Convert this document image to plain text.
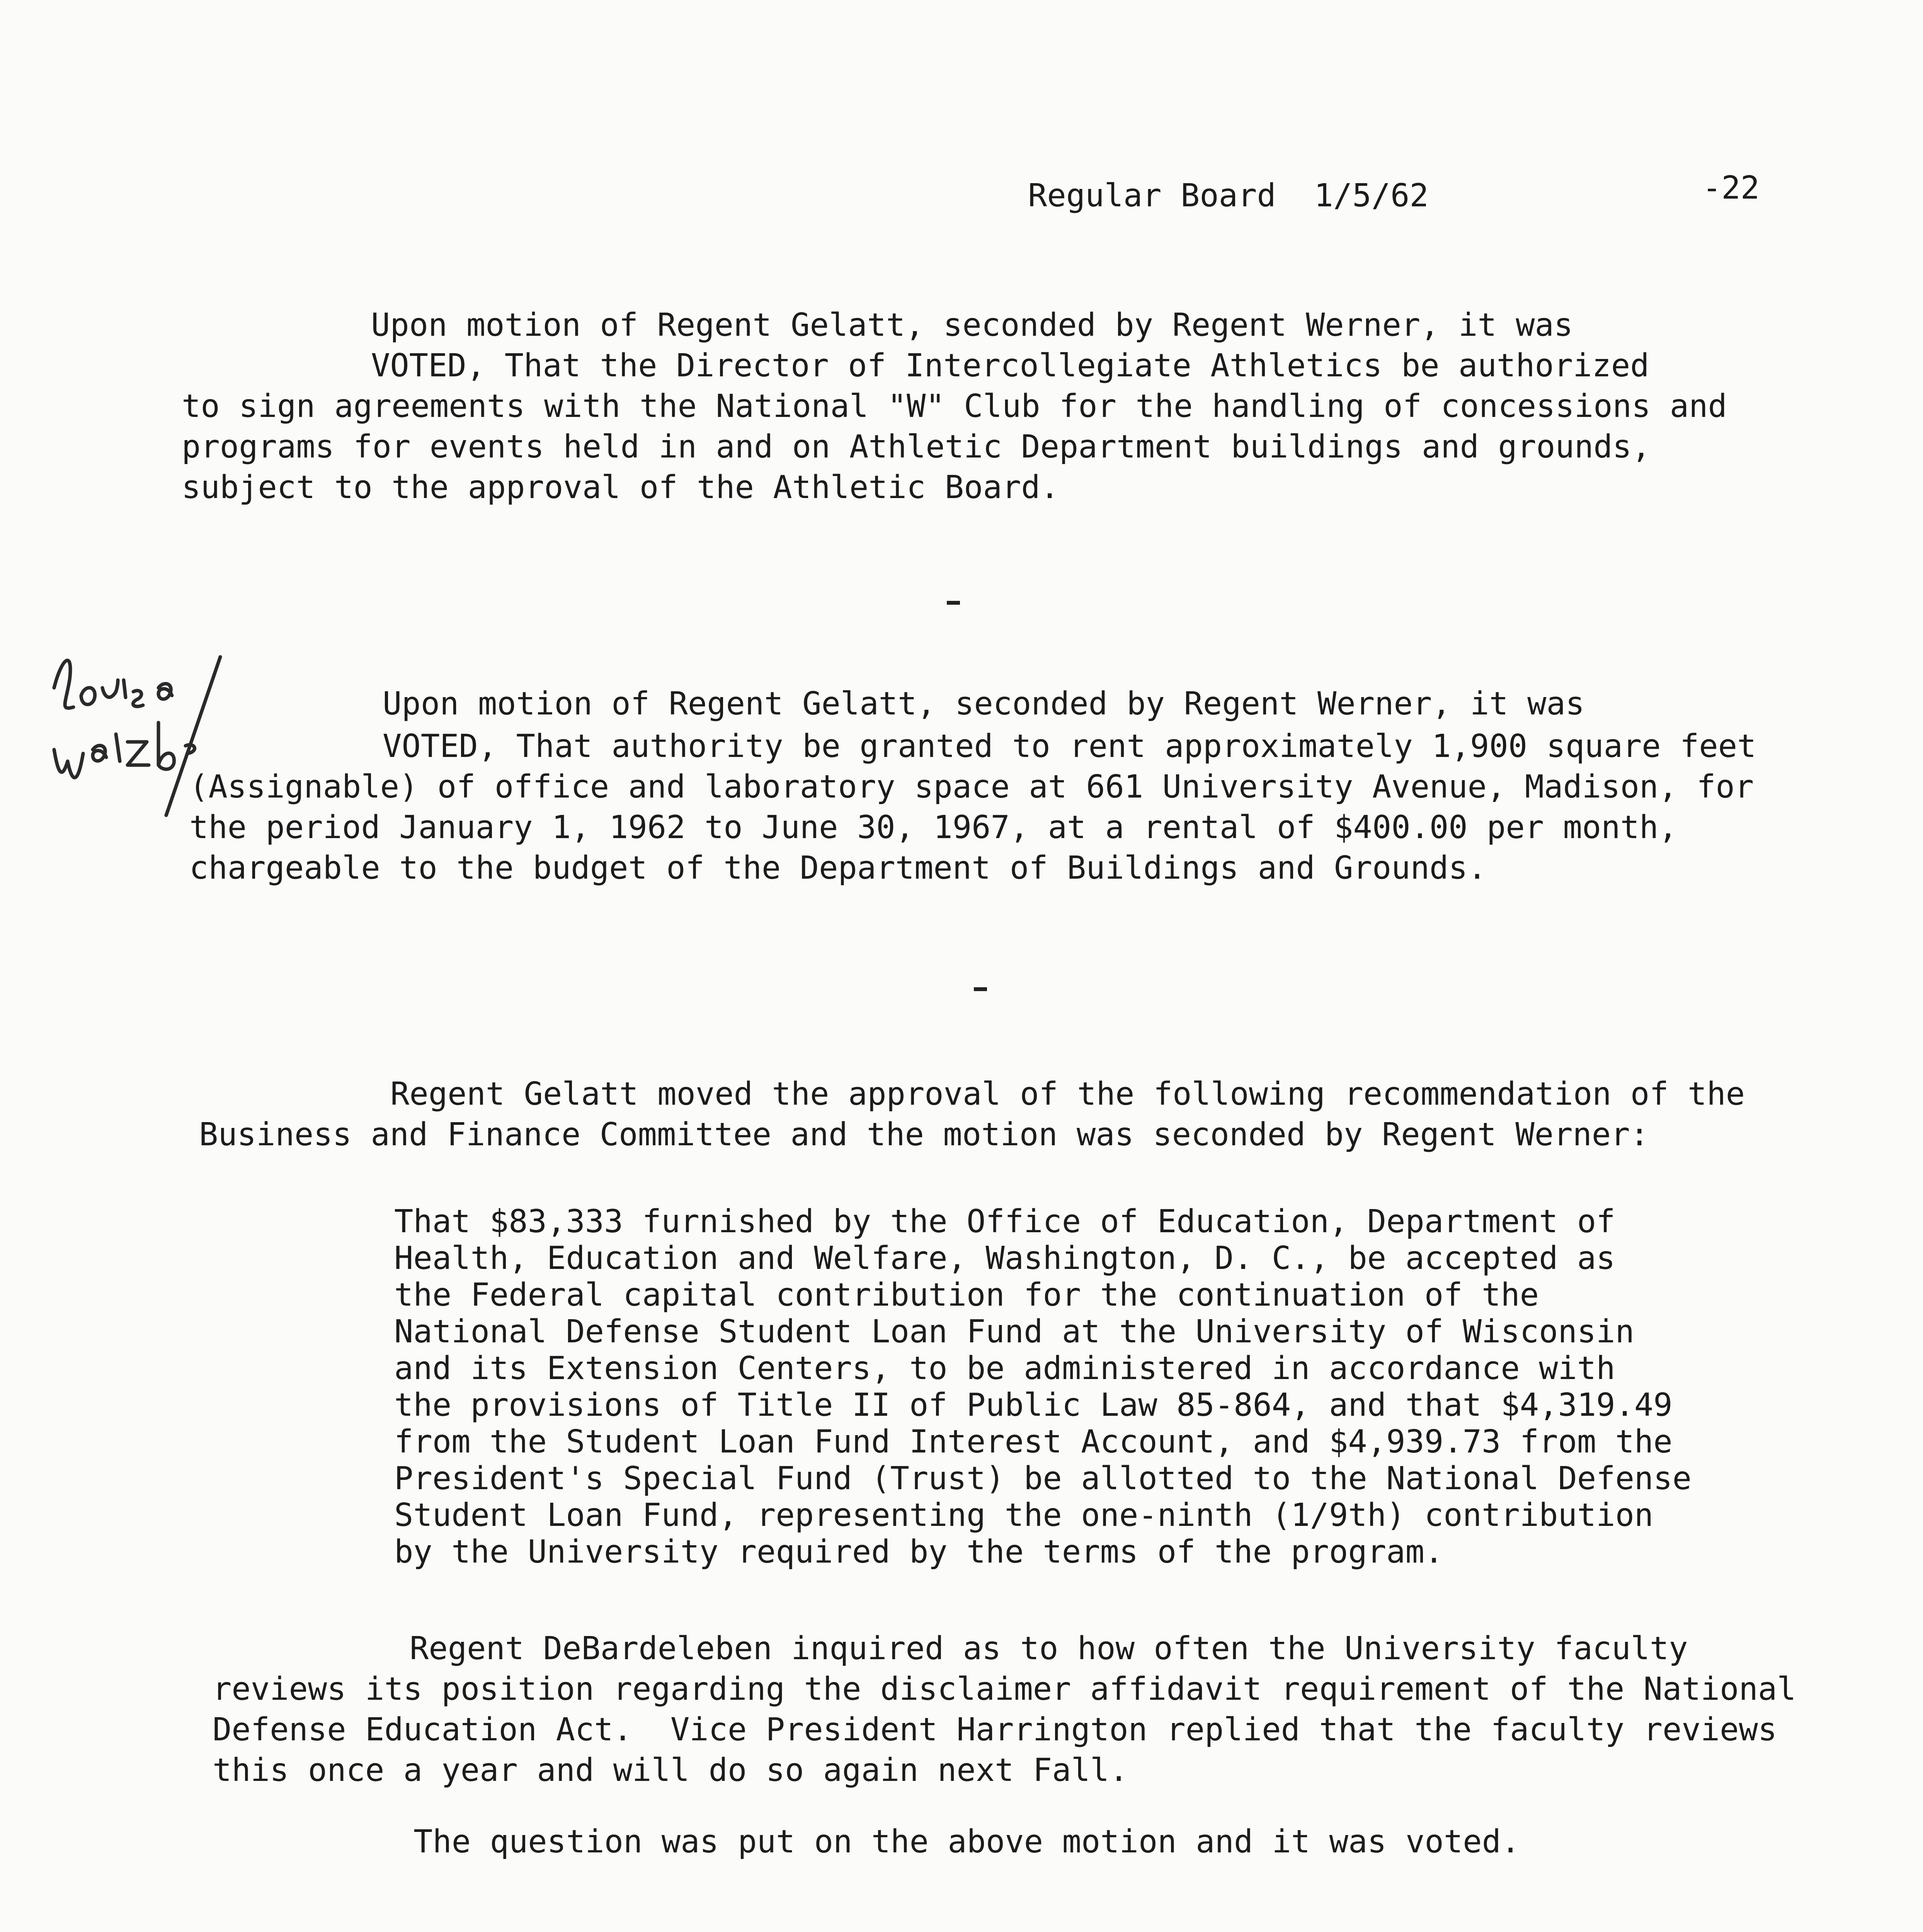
Regular Board  1/5/62	-22
Upon motion of Regent Gelatt, seconded by Regent Werner, it was
VOTED, That the Director of Intercollegiate Athletics be authorized
to sign agreements with the National "W" Club for the handling of concessions and
programs for events held in and on Athletic Department buildings and grounds,
subject to the approval of the Athletic Board.
Upon motion of Regent Gelatt, seconded by Regent Werner, it was
VOTED, That authority be granted to rent approximately 1,900 square feet
(Assignable) of office and laboratory space at 661 University Avenue, Madison, for
the period January 1, 1962 to June 30, 1967, at a rental of $400.00 per month,
chargeable to the budget of the Department of Buildings and Grounds.
Regent Gelatt moved the approval of the following recommendation of the
Business and Finance Committee and the motion was seconded by Regent Werner:
That $83,333 furnished by the Office of Education, Department of
Health, Education and Welfare, Washington, D. C., be accepted as
the Federal capital contribution for the continuation of the
National Defense Student Loan Fund at the University of Wisconsin
and its Extension Centers, to be administered in accordance with
the provisions of Title II of Public Law 85-864, and that $4,319.49
from the Student Loan Fund Interest Account, and $4,939.73 from the
President's Special Fund (Trust) be allotted to the National Defense
Student Loan Fund, representing the one-ninth (1/9th) contribution
by the University required by the terms of the program.
Regent DeBardeleben inquired as to how often the University faculty
reviews its position regarding the disclaimer affidavit requirement of the National
Defense Education Act.  Vice President Harrington replied that the faculty reviews
this once a year and will do so again next Fall.
The question was put on the above motion and it was voted.
